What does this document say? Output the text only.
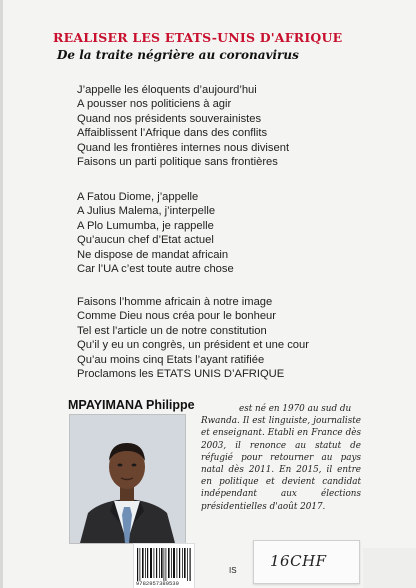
REALISER LES ETATS-UNIS D'AFRIQUE
De la traite négrière au coronavirus
J’appelle les éloquents d’aujourd’hui
A pousser nos politiciens à agir
Quand nos présidents souverainistes
Affaiblissent l’Afrique dans des conflits
Quand les frontières internes nous divisent
Faisons un parti politique sans frontières
A Fatou Diome, j’appelle
A Julius Malema, j’interpelle
A Plo Lumumba, je rappelle
Qu’aucun chef d’Etat actuel
Ne dispose de mandat africain
Car l’UA c’est toute autre chose
Faisons l’homme africain à notre image
Comme Dieu nous créa pour le bonheur
Tel est l’article un de notre constitution
Qu’il y eu un congrès, un président et une cour
Qu’au moins cinq Etats l’ayant ratifiée
Proclamons les ETATS UNIS D’AFRIQUE
MPAYIMANA Philippe	est né en 1970 au sud du
Rwanda. Il est linguiste, journaliste et enseignant. Etabli en France dès 2003, il renonce au statut de réfugié pour retourner au pays natal dès 2011. En 2015, il entre en politique et devient candidat indépendant aux élections présidentielles d'août 2017.
9782957389530
IS
16CHF
